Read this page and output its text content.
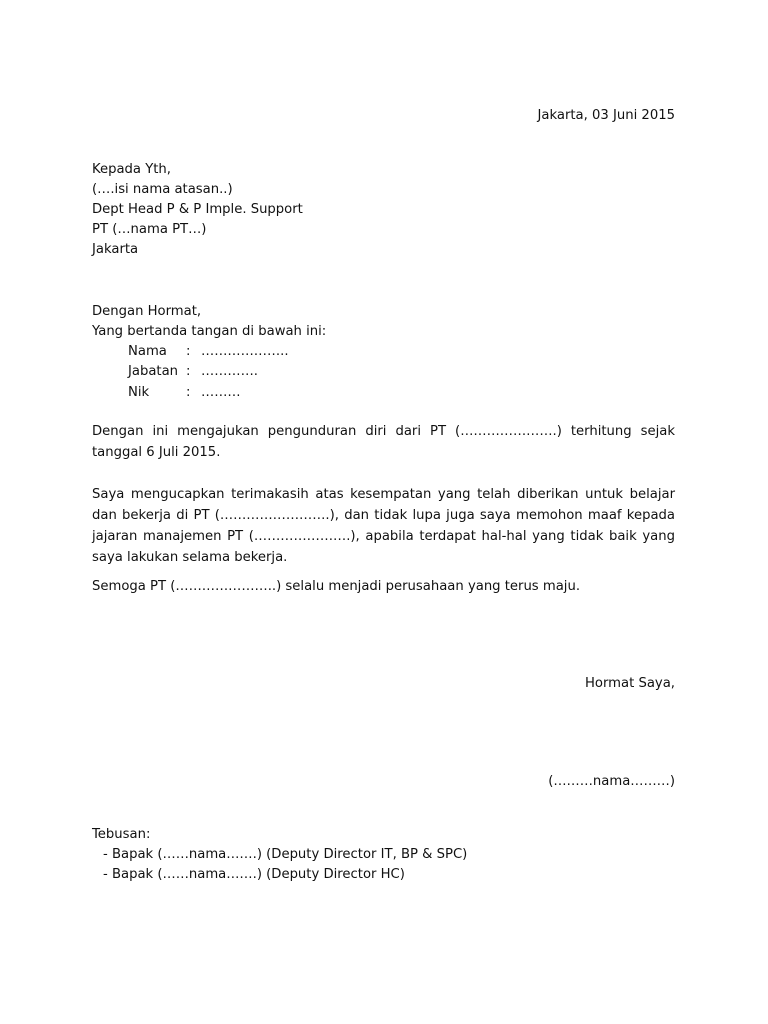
Jakarta, 03 Juni 2015
Kepada Yth,
(….isi nama atasan..)
Dept Head P & P Imple. Support
PT (…nama PT…)
Jakarta
Dengan Hormat,
Yang bertanda tangan di bawah ini:
Nama	: ………………..
Jabatan : ………….
Nik	: ………
Dengan ini mengajukan pengunduran diri dari PT (………………….) terhitung sejak tanggal 6 Juli 2015.
Saya mengucapkan terimakasih atas kesempatan yang telah diberikan untuk belajar dan bekerja di PT (…………………….), dan tidak lupa juga saya memohon maaf kepada jajaran manajemen PT (………………….), apabila terdapat hal-hal yang tidak baik yang saya lakukan selama bekerja.
Semoga PT (…………………..) selalu menjadi perusahaan yang terus maju.
Hormat Saya,
(………nama………)
Tebusan:
- Bapak (……nama…….) (Deputy Director IT, BP & SPC)
- Bapak (……nama…….) (Deputy Director HC)
